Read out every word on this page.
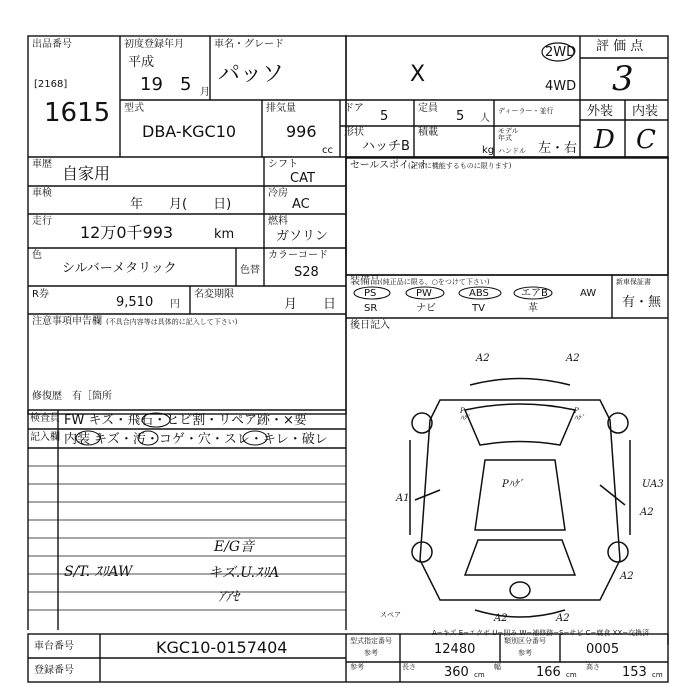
出品番号
[2168]
1615
初度登録年月
平成
19 5 月
車名・グレード
パッソ	X
2WD
4WD
評 価 点
3
外装 内装
D C
型式
DBA-KGC10
排気量
996
cc
ドア
5
定員
5 人
ディーラー・並行
モデル
年式
形状
ハッチB
積載
kg ハンドル 左・右
車歴 自家用	シフト
CAT
車検
年　　月(　　日)
冷房
AC
走行
12万0千993	km
燃料
ガソリン
色
シルバーメタリック	色替
カラーコード
S28
R券
9,510 円
名変期限
月　　日
注意事項申告欄 (不具合内容等は具体的に記入して下さい)
修復歴 有［箇所
検査員
記入欄
FW キズ・飛石・ヒビ割・リペア跡・×要
内装 キズ・汚・コゲ・穴・スレ・キレ・破レ
S/T. ｽﾘAW
E/G音
キズ.U.ｽﾘA
ｱｱｾ
セールスポイント
(正常に機能するものに限ります)
装備品 (純正品に限る、○をつけて下さい)
PS	PW	ABS	エアB	AW
SR	ナビ	TV	革
新車保証書
有・無
後日記入
A2	A2
P
ﾊｹﾞ
P
ﾊｹﾞ
Pﾊｹﾞ
A1
UA3
A2
A2
A2	A2
スペア
A−キズ E−エクボ U−凹み W−補修跡−S−サビ C−腐食 XX−交換済
車台番号	KGC10-0157404
登録番号
型式指定番号
参考	12480
類別区分番号
参考	0005
参考	長さ 360 cm
幅	166 cm
高さ 153 cm
